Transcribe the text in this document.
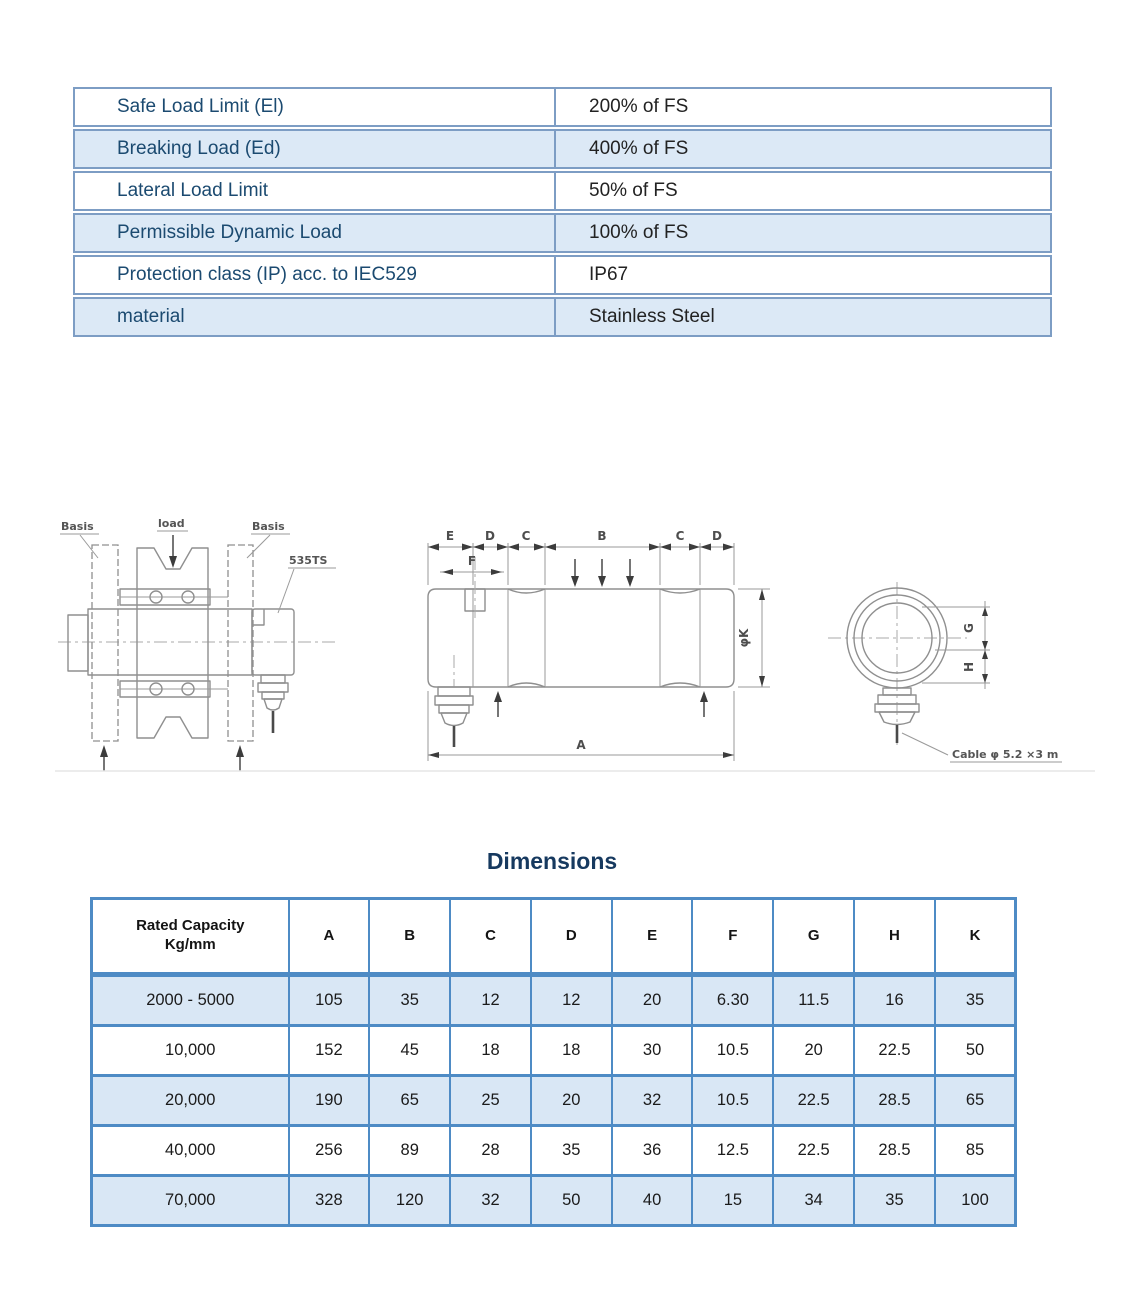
Safe Load Limit (El)	200% of FS
Breaking Load (Ed)	400% of FS
Lateral Load Limit	50% of FS
Permissible Dynamic Load	100% of FS
Protection class (IP) acc. to IEC529	IP67
material	Stainless Steel
Basis	load	Basis
535TS
E	D C	B	C D
F
φK
A
G
H
Cable φ 5.2 ×3 m
Dimensions
Rated Capacity
Kg/mm	A	B	C	D	E	F	G	H	K
2000 - 5000	105	35	12	12	20	6.30	11.5	16	35
10,000	152	45	18	18	30	10.5	20	22.5	50
20,000	190	65	25	20	32	10.5	22.5	28.5	65
40,000	256	89	28	35	36	12.5	22.5	28.5	85
70,000	328	120	32	50	40	15	34	35	100
